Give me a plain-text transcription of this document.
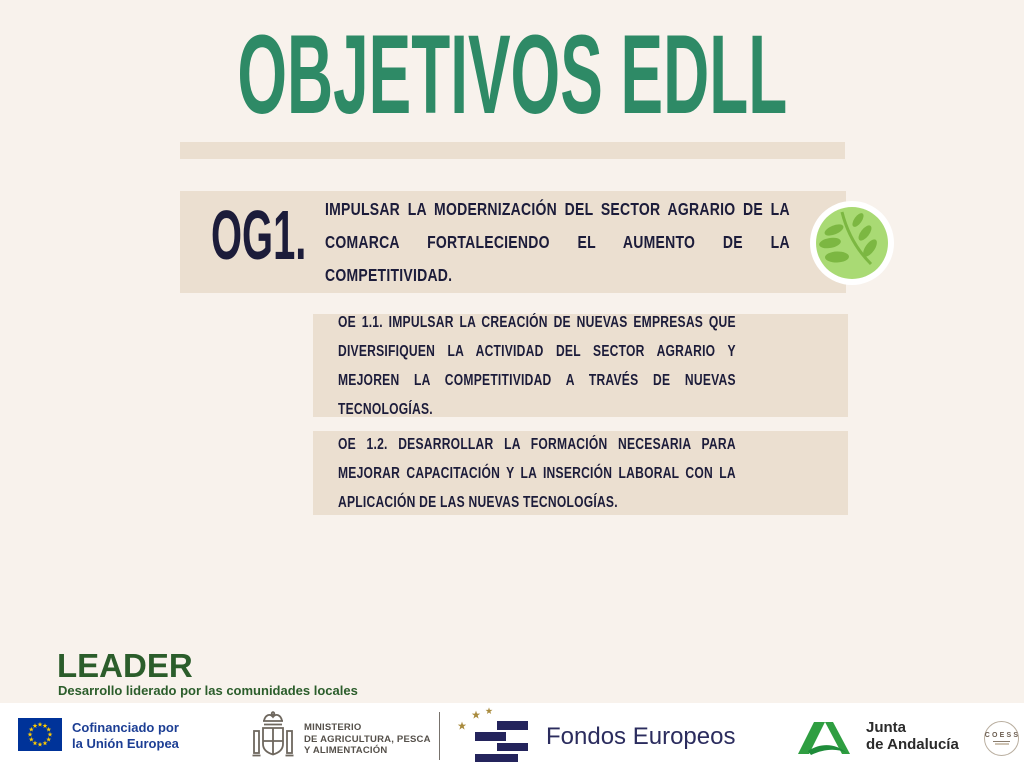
OBJETIVOS EDLL
OG1. IMPULSAR LA MODERNIZACIÓN DEL SECTOR AGRARIO DE LA COMARCA FORTALECIENDO EL AUMENTO DE LA COMPETITIVIDAD.
OE 1.1. IMPULSAR LA CREACIÓN DE NUEVAS EMPRESAS QUE DIVERSIFIQUEN LA ACTIVIDAD DEL SECTOR AGRARIO Y MEJOREN LA COMPETITIVIDAD A TRAVÉS DE NUEVAS TECNOLOGÍAS.
OE 1.2. DESARROLLAR LA FORMACIÓN NECESARIA PARA MEJORAR CAPACITACIÓN Y LA INSERCIÓN LABORAL CON LA APLICACIÓN DE LAS NUEVAS TECNOLOGÍAS.
LEADER
Desarrollo liderado por las comunidades locales
Cofinanciado por
la Unión Europea
MINISTERIO
DE AGRICULTURA, PESCA
Y ALIMENTACIÓN
Fondos Europeos	Junta
de Andalucía
COESS
